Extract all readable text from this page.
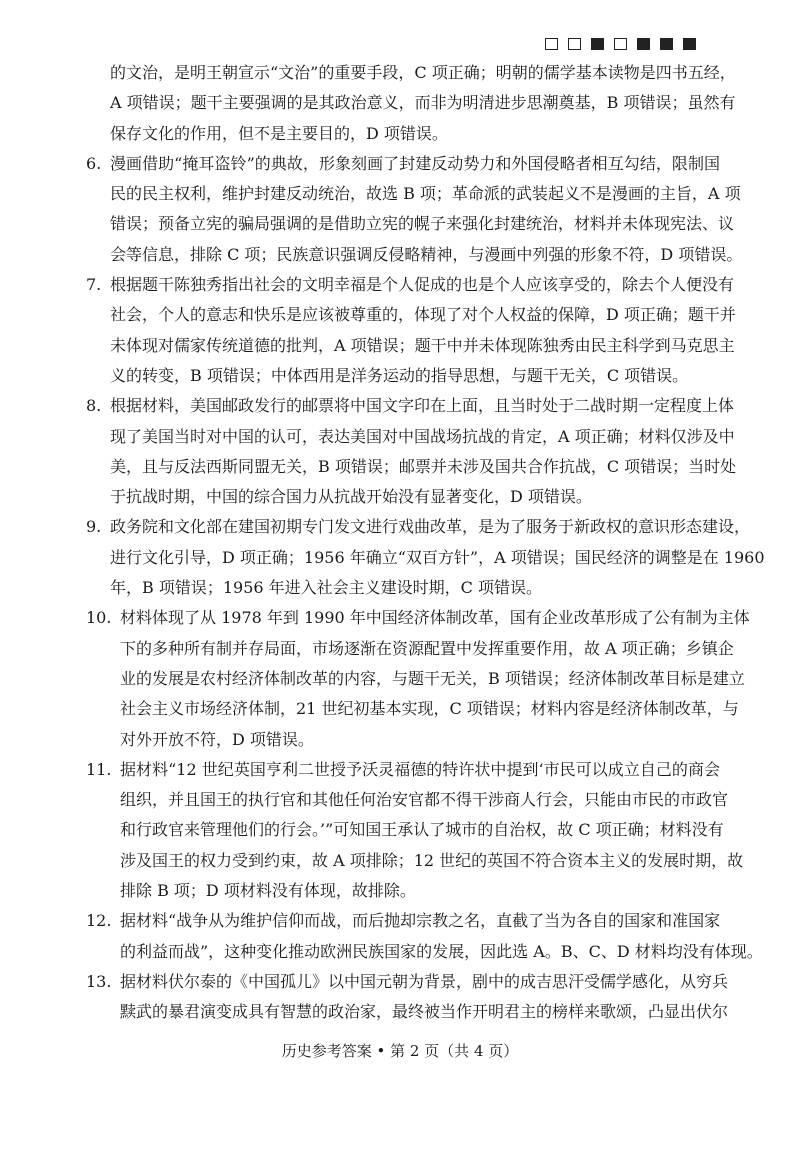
的文治，是明王朝宣示“文治”的重要手段，C 项正确；明朝的儒学基本读物是四书五经，
A 项错误；题干主要强调的是其政治意义，而非为明清进步思潮奠基，B 项错误；虽然有
保存文化的作用，但不是主要目的，D 项错误。
6. 漫画借助“掩耳盗铃”的典故，形象刻画了封建反动势力和外国侵略者相互勾结，限制国
民的民主权利，维护封建反动统治，故选 B 项；革命派的武装起义不是漫画的主旨，A 项
错误；预备立宪的骗局强调的是借助立宪的幌子来强化封建统治，材料并未体现宪法、议
会等信息，排除 C 项；民族意识强调反侵略精神，与漫画中列强的形象不符，D 项错误。
7. 根据题干陈独秀指出社会的文明幸福是个人促成的也是个人应该享受的，除去个人便没有
社会，个人的意志和快乐是应该被尊重的，体现了对个人权益的保障，D 项正确；题干并
未体现对儒家传统道德的批判，A 项错误；题干中并未体现陈独秀由民主科学到马克思主
义的转变，B 项错误；中体西用是洋务运动的指导思想，与题干无关，C 项错误。
8. 根据材料，美国邮政发行的邮票将中国文字印在上面，且当时处于二战时期一定程度上体
现了美国当时对中国的认可，表达美国对中国战场抗战的肯定，A 项正确；材料仅涉及中
美，且与反法西斯同盟无关，B 项错误；邮票并未涉及国共合作抗战，C 项错误；当时处
于抗战时期，中国的综合国力从抗战开始没有显著变化，D 项错误。
9. 政务院和文化部在建国初期专门发文进行戏曲改革，是为了服务于新政权的意识形态建设，
进行文化引导，D 项正确；1956 年确立“双百方针”，A 项错误；国民经济的调整是在 1960
年，B 项错误；1956 年进入社会主义建设时期，C 项错误。
10. 材料体现了从 1978 年到 1990 年中国经济体制改革，国有企业改革形成了公有制为主体
下的多种所有制并存局面，市场逐渐在资源配置中发挥重要作用，故 A 项正确；乡镇企
业的发展是农村经济体制改革的内容，与题干无关，B 项错误；经济体制改革目标是建立
社会主义市场经济体制，21 世纪初基本实现，C 项错误；材料内容是经济体制改革，与
对外开放不符，D 项错误。
11. 据材料“12 世纪英国亨利二世授予沃灵福德的特许状中提到‘市民可以成立自己的商会
组织，并且国王的执行官和其他任何治安官都不得干涉商人行会，只能由市民的市政官
和行政官来管理他们的行会。’”可知国王承认了城市的自治权，故 C 项正确；材料没有
涉及国王的权力受到约束，故 A 项排除；12 世纪的英国不符合资本主义的发展时期，故
排除 B 项；D 项材料没有体现，故排除。
12. 据材料“战争从为维护信仰而战，而后抛却宗教之名，直截了当为各自的国家和准国家
的利益而战”，这种变化推动欧洲民族国家的发展，因此选 A。B、C、D 材料均没有体现。
13. 据材料伏尔泰的《中国孤儿》以中国元朝为背景，剧中的成吉思汗受儒学感化，从穷兵
黩武的暴君演变成具有智慧的政治家，最终被当作开明君主的榜样来歌颂，凸显出伏尔
历史参考答案 • 第 2 页（共 4 页）
